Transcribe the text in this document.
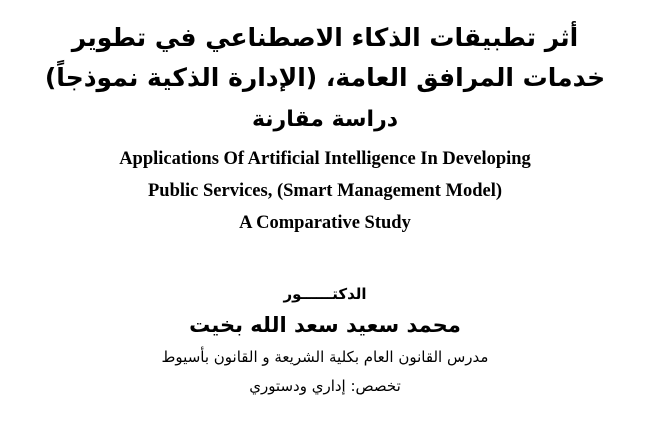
أثر تطبيقات الذكاء الاصطناعي في تطوير
خدمات المرافق العامة، (الإدارة الذكية نموذجاً)
دراسة مقارنة
Applications Of Artificial Intelligence In Developing
Public Services, (Smart Management Model)
A Comparative Study
الدكتــــــور
محمد سعيد سعد الله بخيت
مدرس القانون العام بكلية الشريعة و القانون بأسيوط
تخصص: إداري ودستوري
